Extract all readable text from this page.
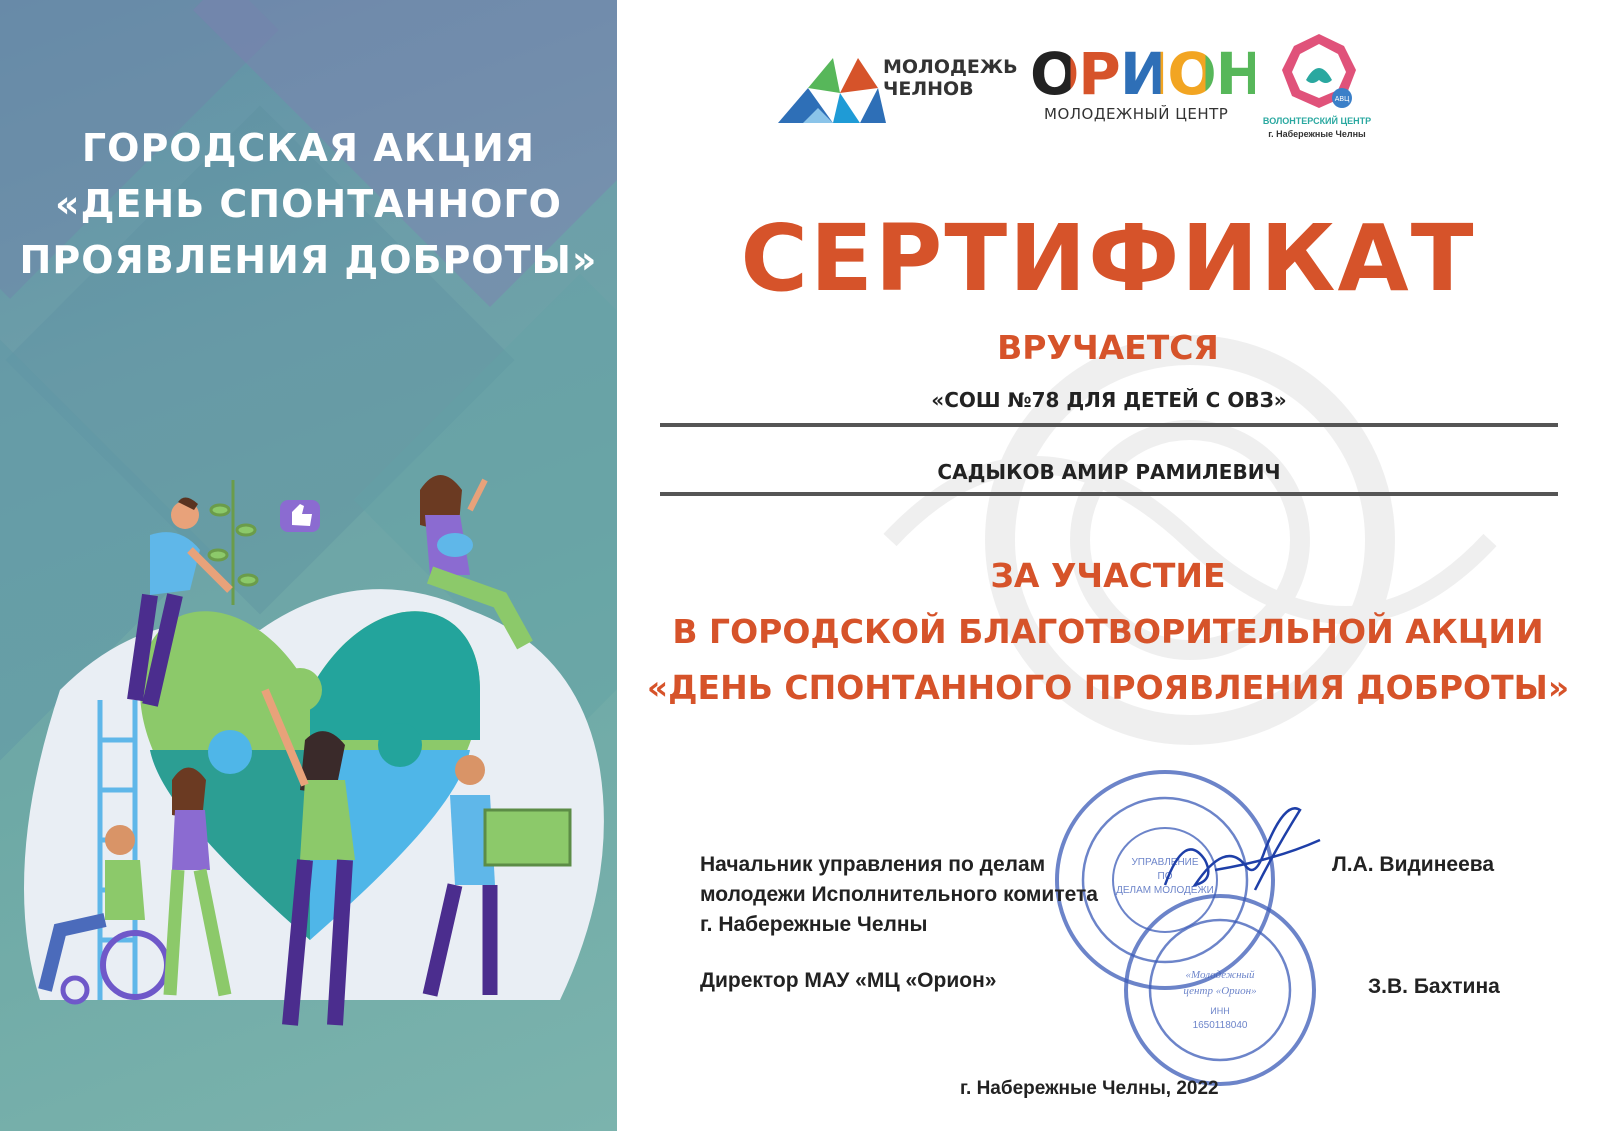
ГОРОДСКАЯ АКЦИЯ
«ДЕНЬ СПОНТАННОГО
ПРОЯВЛЕНИЯ ДОБРОТЫ»
МОЛОДЕЖЬ
ЧЕЛНОВ ОРИОН
МОЛОДЕЖНЫЙ ЦЕНТР
АВЦ
ВОЛОНТЕРСКИЙ ЦЕНТР
г. Набережные Челны
СЕРТИФИКАТ
ВРУЧАЕТСЯ
«СОШ №78 ДЛЯ ДЕТЕЙ С ОВЗ»
САДЫКОВ АМИР РАМИЛЕВИЧ
ЗА УЧАСТИЕ
В ГОРОДСКОЙ БЛАГОТВОРИТЕЛЬНОЙ АКЦИИ
«ДЕНЬ СПОНТАННОГО ПРОЯВЛЕНИЯ ДОБРОТЫ»
УПРАВЛЕНИЕ
ПО
ДЕЛАМ МОЛОДЕЖИ
«Молодежный
центр «Орион»
ИНН
1650118040
Начальник управления по делам
молодежи Исполнительного комитета
г. Набережные Челны
Л.А. Видинеева
Директор МАУ «МЦ «Орион»	З.В. Бахтина
г. Набережные Челны, 2022
